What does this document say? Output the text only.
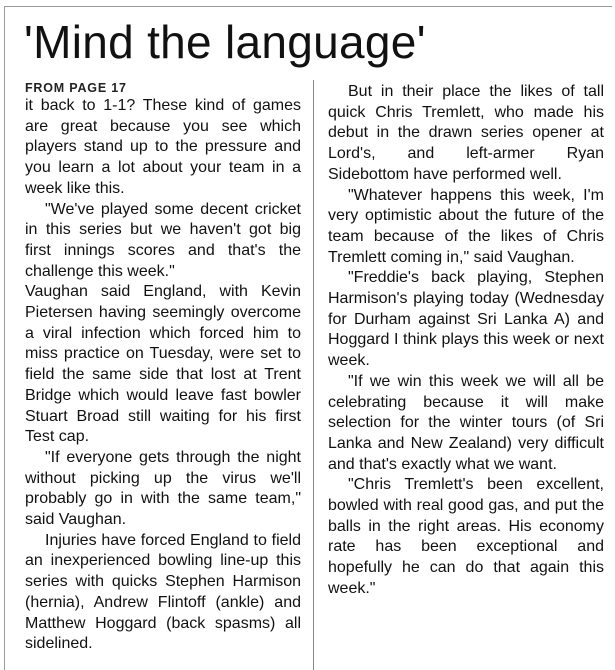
'Mind the language'
FROM PAGE 17

it back to 1-1? These kind of games are great because you see which players stand up to the pressure and you learn a lot about your team in a week like this.

"We've played some decent cricket in this series but we haven't got big first innings scores and that's the challenge this week."

Vaughan said England, with Kevin Pietersen having seemingly overcome a viral infection which forced him to miss practice on Tuesday, were set to field the same side that lost at Trent Bridge which would leave fast bowler Stuart Broad still waiting for his first Test cap.

"If everyone gets through the night without picking up the virus we'll probably go in with the same team," said Vaughan.

Injuries have forced England to field an inexperienced bowling line-up this series with quicks Stephen Harmison (hernia), Andrew Flintoff (ankle) and Matthew Hoggard (back spasms) all sidelined.

But in their place the likes of tall quick Chris Tremlett, who made his debut in the drawn series opener at Lord's, and left-armer Ryan Sidebottom have performed well.

"Whatever happens this week, I'm very optimistic about the future of the team because of the likes of Chris Tremlett coming in," said Vaughan.

"Freddie's back playing, Stephen Harmison's playing today (Wednesday for Durham against Sri Lanka A) and Hoggard I think plays this week or next week.

"If we win this week we will all be celebrating because it will make selection for the winter tours (of Sri Lanka and New Zealand) very difficult and that's exactly what we want.

"Chris Tremlett's been excellent, bowled with real good gas, and put the balls in the right areas. His economy rate has been exceptional and hopefully he can do that again this week."
